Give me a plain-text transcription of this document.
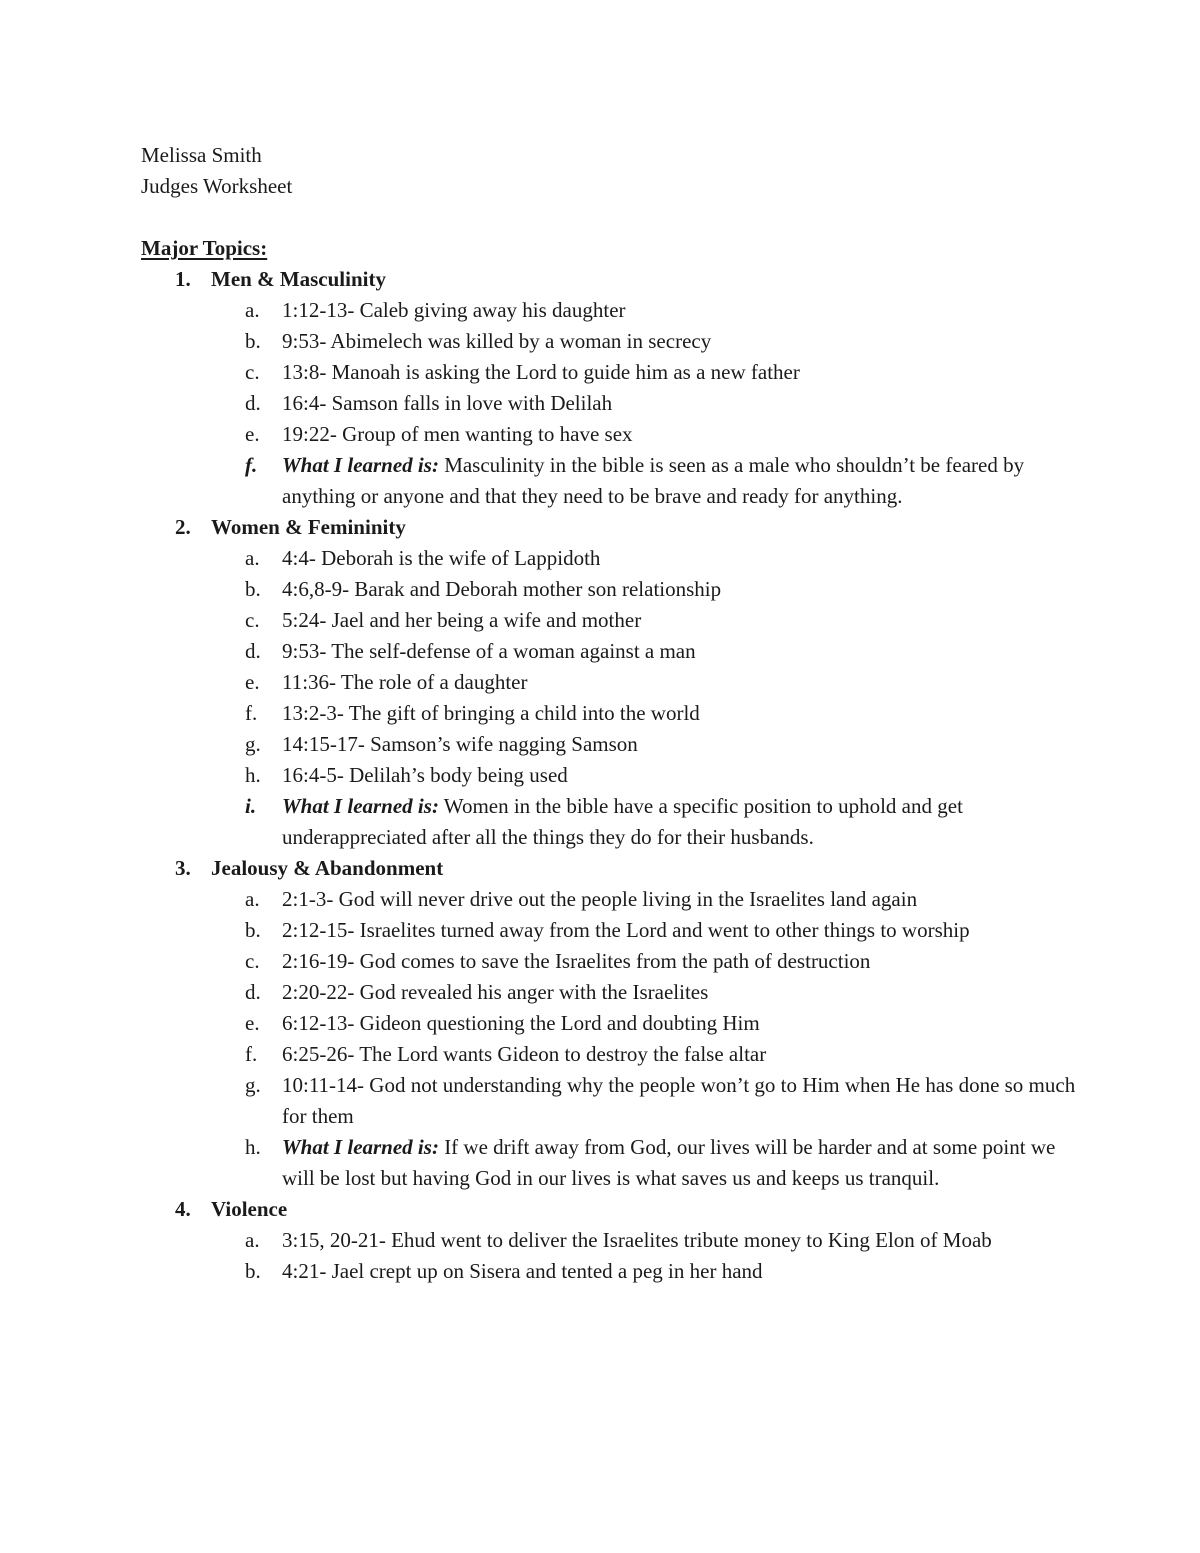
Melissa Smith
Judges Worksheet
Major Topics:
1. Men & Masculinity
a.	1:12-13- Caleb giving away his daughter
b.	9:53- Abimelech was killed by a woman in secrecy
c.	13:8- Manoah is asking the Lord to guide him as a new father
d.	16:4- Samson falls in love with Delilah
e.	19:22- Group of men wanting to have sex
f.	What I learned is: Masculinity in the bible is seen as a male who shouldn’t be feared by anything or anyone and that they need to be brave and ready for anything.
2. Women & Femininity
a.	4:4- Deborah is the wife of Lappidoth
b.	4:6,8-9- Barak and Deborah mother son relationship
c.	5:24- Jael and her being a wife and mother
d.	9:53- The self-defense of a woman against a man
e.	11:36- The role of a daughter
f.	13:2-3- The gift of bringing a child into the world
g.	14:15-17- Samson’s wife nagging Samson
h.	16:4-5- Delilah’s body being used
i.	What I learned is: Women in the bible have a specific position to uphold and get underappreciated after all the things they do for their husbands.
3. Jealousy & Abandonment
a.	2:1-3- God will never drive out the people living in the Israelites land again
b.	2:12-15- Israelites turned away from the Lord and went to other things to worship
c.	2:16-19- God comes to save the Israelites from the path of destruction
d.	2:20-22- God revealed his anger with the Israelites
e.	6:12-13- Gideon questioning the Lord and doubting Him
f.	6:25-26- The Lord wants Gideon to destroy the false altar
g.	10:11-14- God not understanding why the people won’t go to Him when He has done so much for them
h.	What I learned is: If we drift away from God, our lives will be harder and at some point we will be lost but having God in our lives is what saves us and keeps us tranquil.
4. Violence
a.	3:15, 20-21- Ehud went to deliver the Israelites tribute money to King Elon of Moab
b.	4:21- Jael crept up on Sisera and tented a peg in her hand
